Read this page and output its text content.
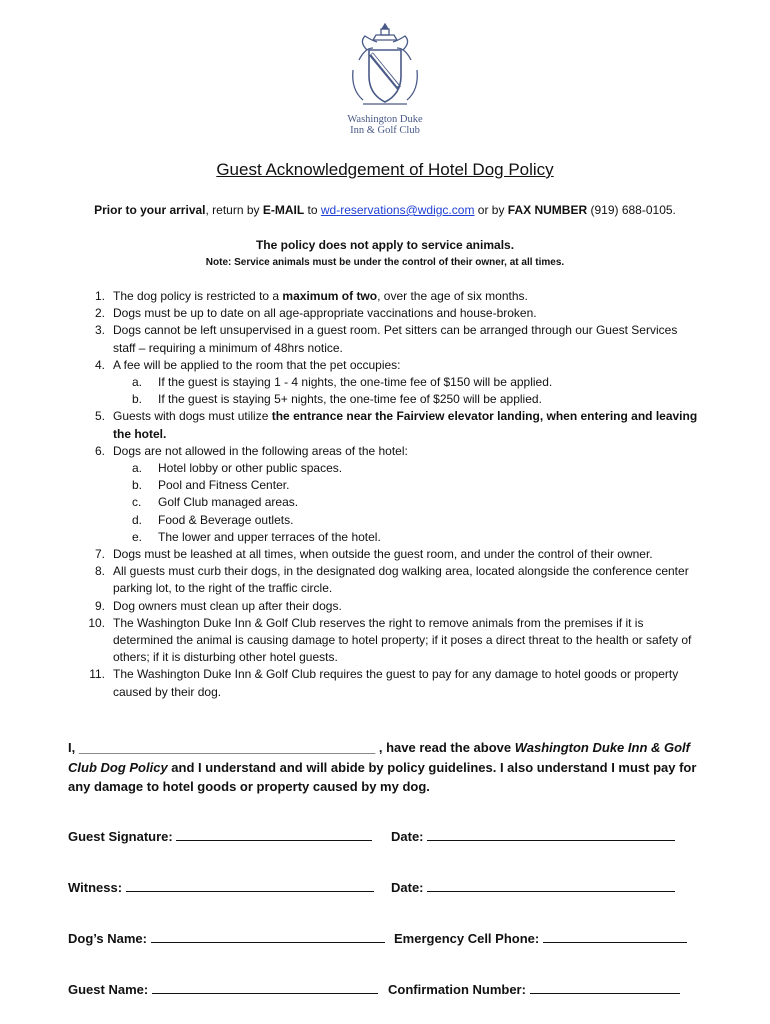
Washington Duke
Inn & Golf Club
Guest Acknowledgement of Hotel Dog Policy
Prior to your arrival, return by E-MAIL to wd-reservations@wdigc.com or by FAX NUMBER (919) 688-0105.
The policy does not apply to service animals.
Note: Service animals must be under the control of their owner, at all times.
1. The dog policy is restricted to a maximum of two, over the age of six months.
2. Dogs must be up to date on all age-appropriate vaccinations and house-broken.
3. Dogs cannot be left unsupervised in a guest room. Pet sitters can be arranged through our Guest Services staff – requiring a minimum of 48hrs notice.
4. A fee will be applied to the room that the pet occupies:
a. If the guest is staying 1 - 4 nights, the one-time fee of $150 will be applied.
b. If the guest is staying 5+ nights, the one-time fee of $250 will be applied.
5. Guests with dogs must utilize the entrance near the Fairview elevator landing, when entering and leaving the hotel.
6. Dogs are not allowed in the following areas of the hotel:
a. Hotel lobby or other public spaces.
b. Pool and Fitness Center.
c. Golf Club managed areas.
d. Food & Beverage outlets.
e. The lower and upper terraces of the hotel.
7. Dogs must be leashed at all times, when outside the guest room, and under the control of their owner.
8. All guests must curb their dogs, in the designated dog walking area, located alongside the conference center parking lot, to the right of the traffic circle.
9. Dog owners must clean up after their dogs.
10. The Washington Duke Inn & Golf Club reserves the right to remove animals from the premises if it is determined the animal is causing damage to hotel property; if it poses a direct threat to the health or safety of others; if it is disturbing other hotel guests.
11. The Washington Duke Inn & Golf Club requires the guest to pay for any damage to hotel goods or property caused by their dog.
I, _________________________________________ , have read the above Washington Duke Inn & Golf Club Dog Policy and I understand and will abide by policy guidelines. I also understand I must pay for any damage to hotel goods or property caused by my dog.
Guest Signature:	Date:
Witness:	Date:
Dog’s Name:	Emergency Cell Phone:
Guest Name:	Confirmation Number:
